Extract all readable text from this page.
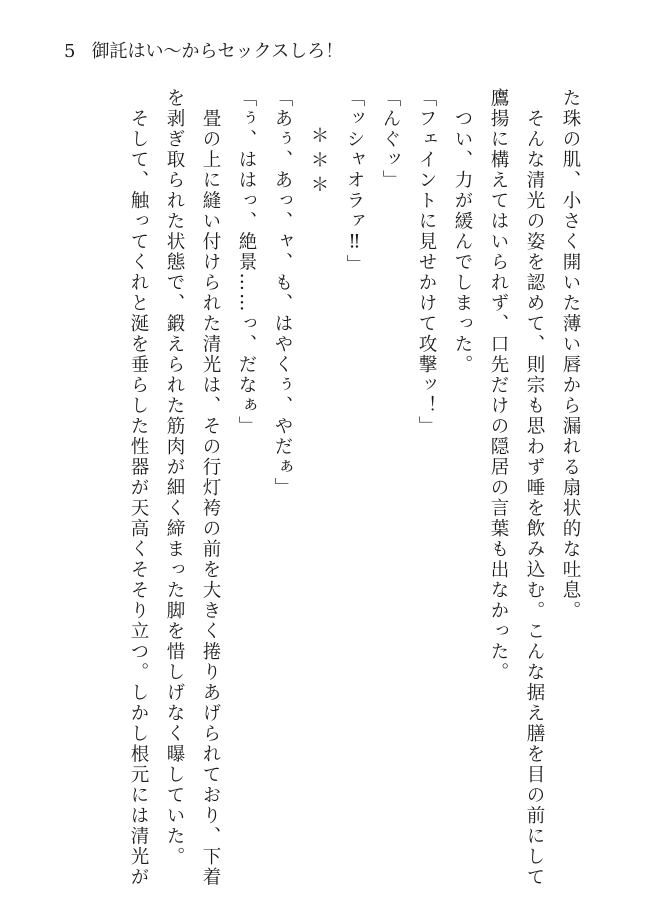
5 御託はい〜からセックスしろ！
た珠の肌、小さく開いた薄い唇から漏れる扇状的な吐息。
　そんな清光の姿を認めて、則宗も思わず唾を飲み込む。こんな据え膳を目の前にして
鷹揚に構えてはいられず、口先だけの隠居の言葉も出なかった。
　つい、力が緩んでしまった。
「フェイントに見せかけて攻撃ッ！」
「んぐッ」
「ッシャオラァ‼」
＊＊＊
「あぅ、あっ、ャ、も、はやくぅ、やだぁ」
「ぅ、ははっ、絶景……っ、だなぁ」
　畳の上に縫い付けられた清光は、その行灯袴の前を大きく捲りあげられており、下着
を剥ぎ取られた状態で、鍛えられた筋肉が細く締まった脚を惜しげなく曝していた。
　そして、触ってくれと涎を垂らした性器が天高くそそり立つ。しかし根元には清光が
